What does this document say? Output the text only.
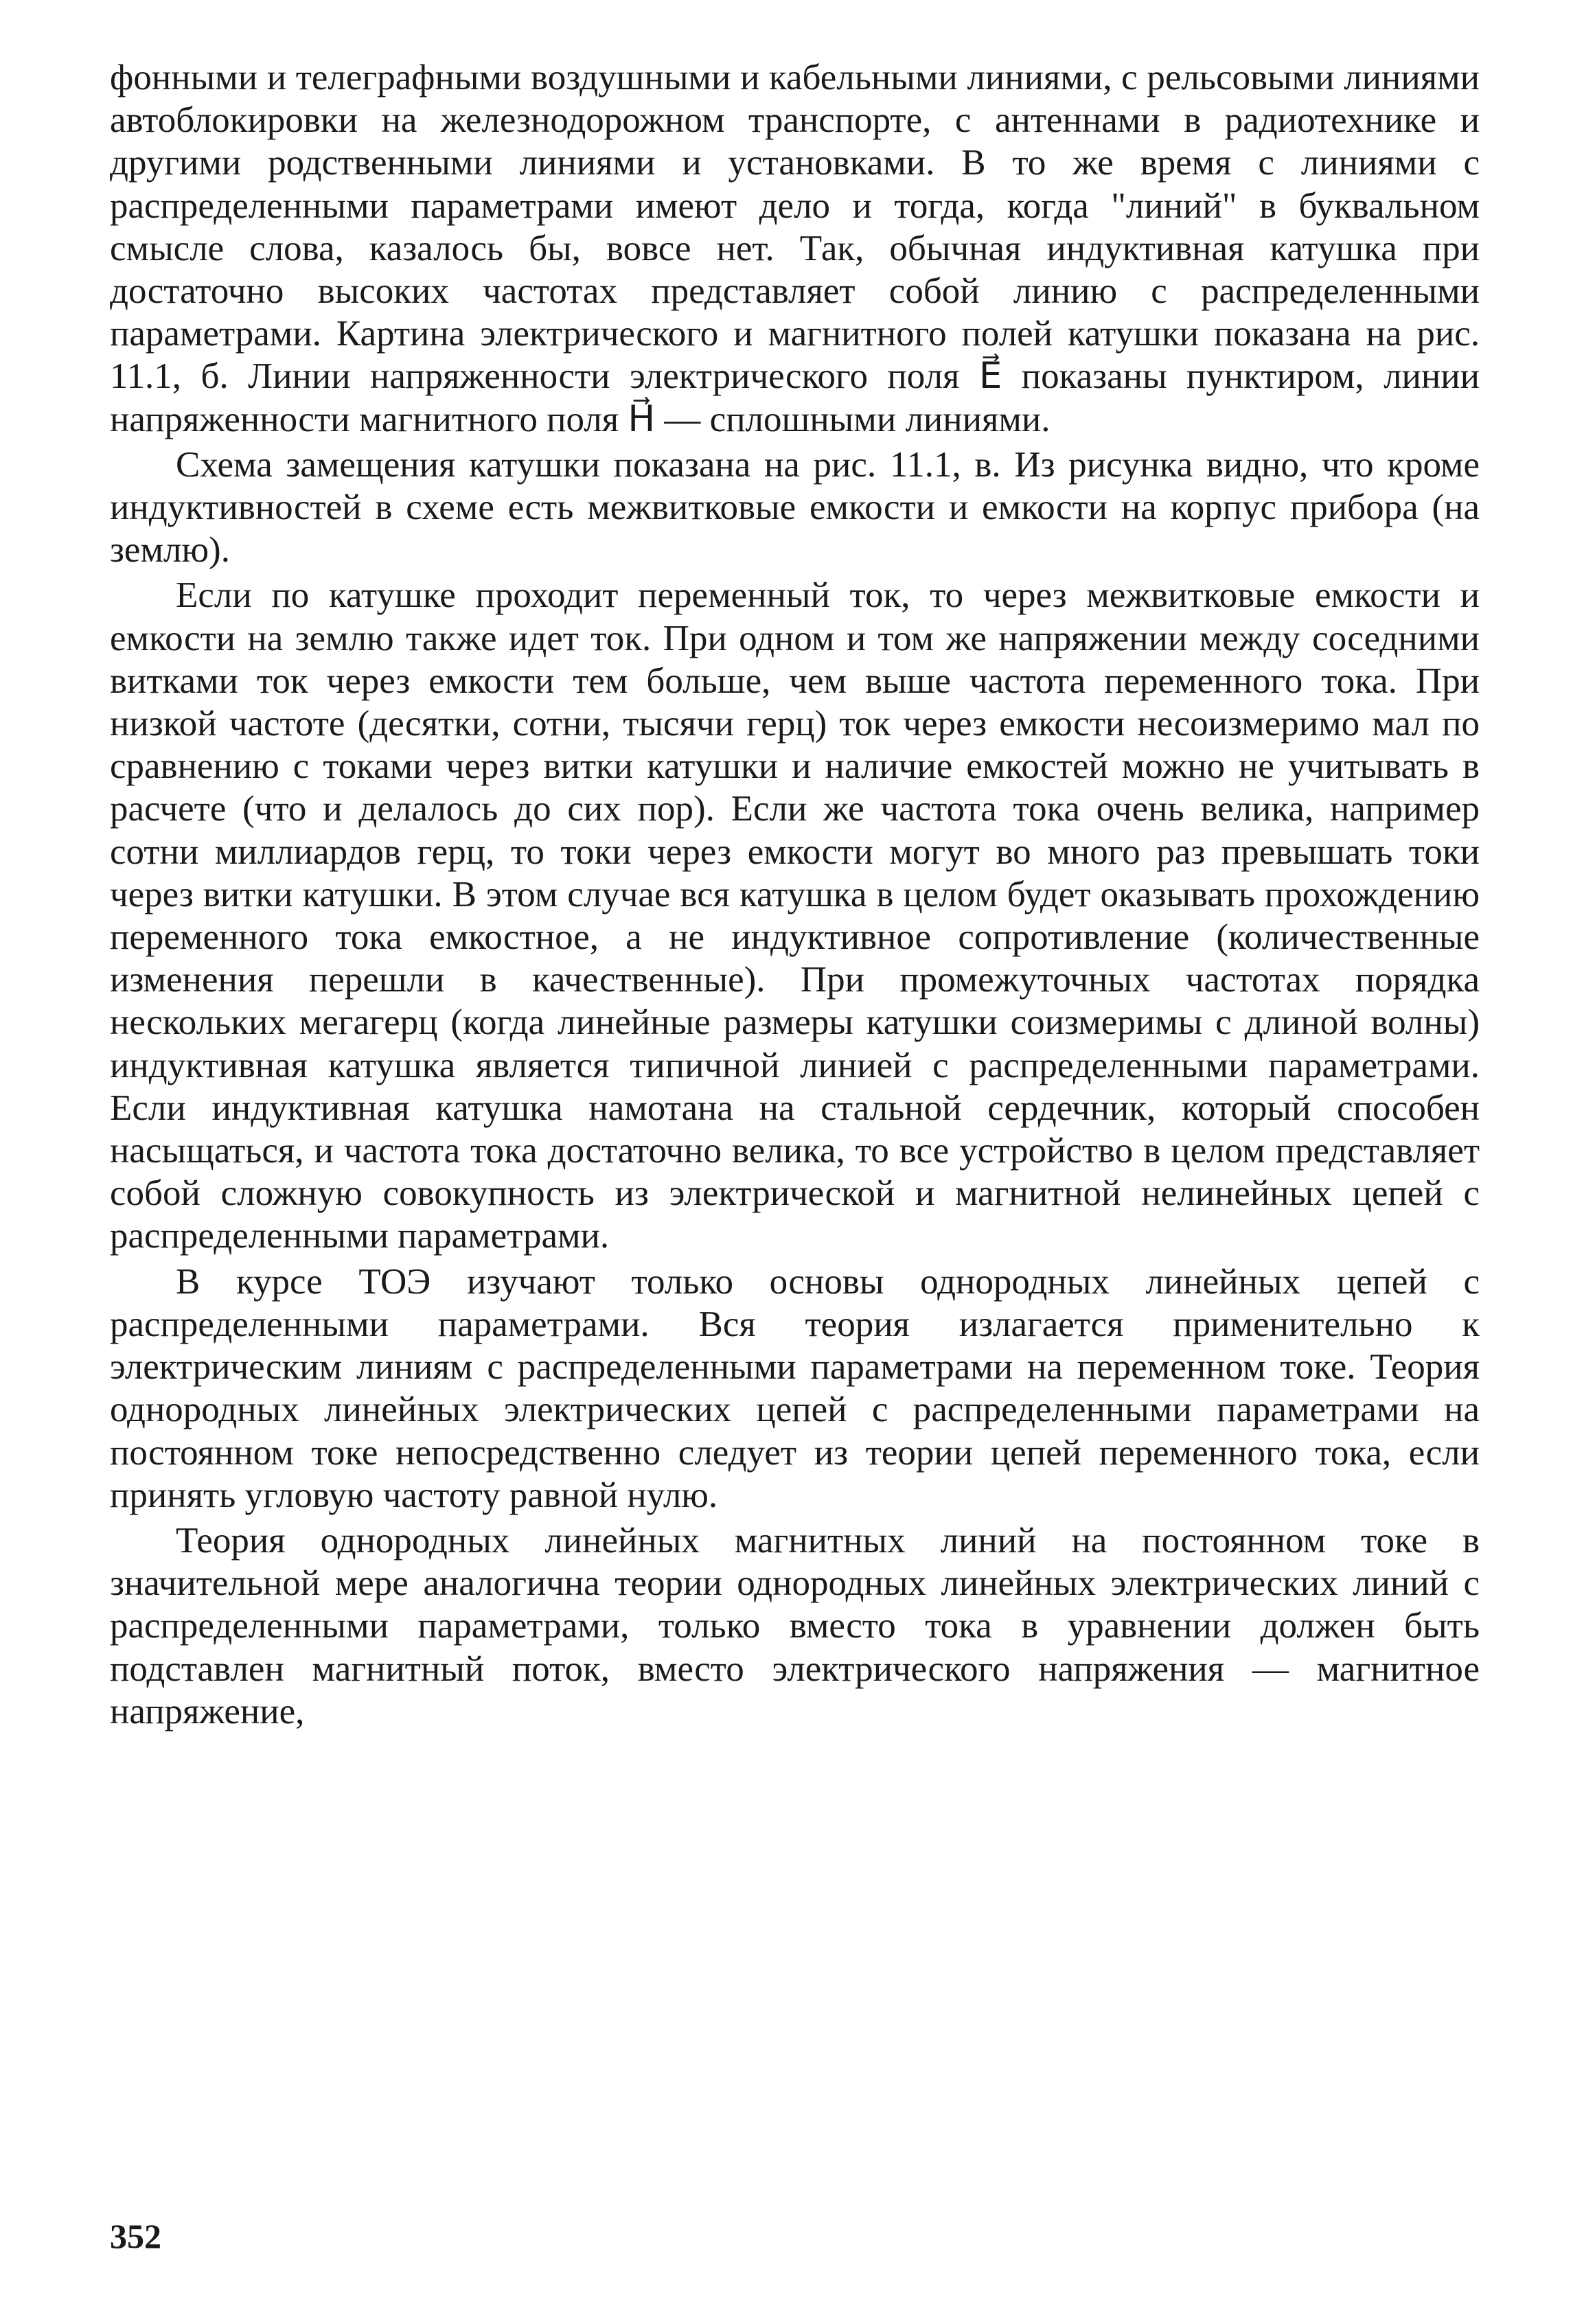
фонными и телеграфными воздушными и кабельными линиями, с рельсовыми линиями автоблокировки на железнодорожном транспорте, с антеннами в радиотехнике и другими родственными линиями и установками. В то же время с линиями с распределенными параметрами имеют дело и тогда, когда "линий" в буквальном смысле слова, казалось бы, вовсе нет. Так, обычная индуктивная катушка при достаточно высоких частотах представляет собой линию с распределенными параметрами. Картина электрического и магнитного полей катушки показана на рис. 11.1, б. Линии напряженности электрического поля E⃗ показаны пунктиром, линии напряженности магнитного поля H⃗ — сплошными линиями.

Схема замещения катушки показана на рис. 11.1, в. Из рисунка видно, что кроме индуктивностей в схеме есть межвитковые емкости и емкости на корпус прибора (на землю).

Если по катушке проходит переменный ток, то через межвитковые емкости и емкости на землю также идет ток. При одном и том же напряжении между соседними витками ток через емкости тем больше, чем выше частота переменного тока. При низкой частоте (десятки, сотни, тысячи герц) ток через емкости несоизмеримо мал по сравнению с токами через витки катушки и наличие емкостей можно не учитывать в расчете (что и делалось до сих пор). Если же частота тока очень велика, например сотни миллиардов герц, то токи через емкости могут во много раз превышать токи через витки катушки. В этом случае вся катушка в целом будет оказывать прохождению переменного тока емкостное, а не индуктивное сопротивление (количественные изменения перешли в качественные). При промежуточных частотах порядка нескольких мегагерц (когда линейные размеры катушки соизмеримы с длиной волны) индуктивная катушка является типичной линией с распределенными параметрами. Если индуктивная катушка намотана на стальной сердечник, который способен насыщаться, и частота тока достаточно велика, то все устройство в целом представляет собой сложную совокупность из электрической и магнитной нелинейных цепей с распределенными параметрами.

В курсе ТОЭ изучают только основы однородных линейных цепей с распределенными параметрами. Вся теория излагается применительно к электрическим линиям с распределенными параметрами на переменном токе. Теория однородных линейных электрических цепей с распределенными параметрами на постоянном токе непосредственно следует из теории цепей переменного тока, если принять угловую частоту равной нулю.

Теория однородных линейных магнитных линий на постоянном токе в значительной мере аналогична теории однородных линейных электрических линий с распределенными параметрами, только вместо тока в уравнении должен быть подставлен магнитный поток, вместо электрического напряжения — магнитное напряжение,

352
